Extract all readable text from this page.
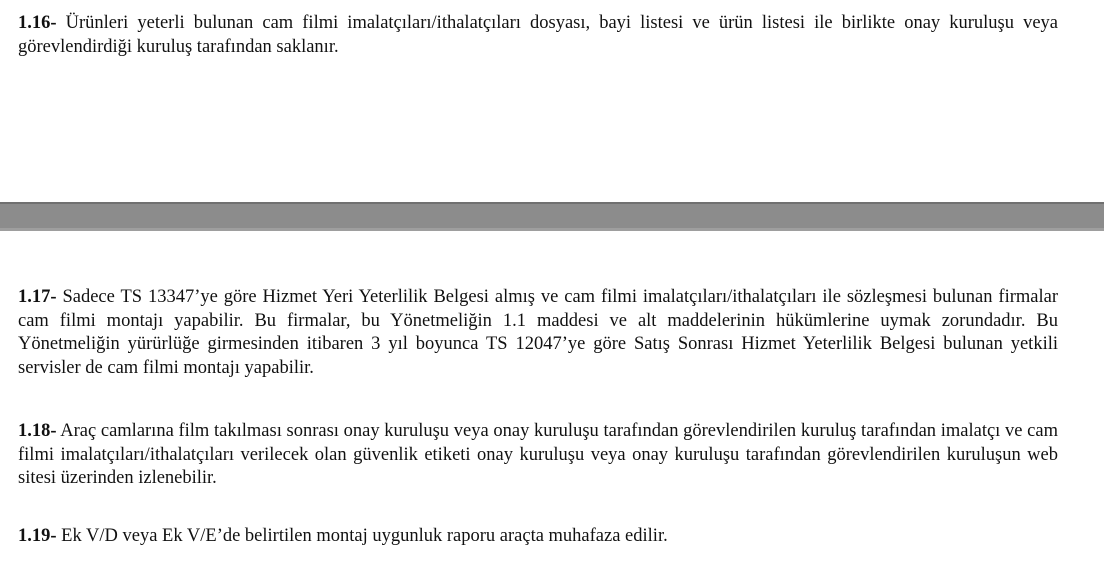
1.16- Ürünleri yeterli bulunan cam filmi imalatçıları/ithalatçıları dosyası, bayi listesi ve ürün listesi ile birlikte onay kuruluşu veya görevlendirdiği kuruluş tarafından saklanır.

1.17- Sadece TS 13347’ye göre Hizmet Yeri Yeterlilik Belgesi almış ve cam filmi imalatçıları/ithalatçıları ile sözleşmesi bulunan firmalar cam filmi montajı yapabilir. Bu firmalar, bu Yönetmeliğin 1.1 maddesi ve alt maddelerinin hükümlerine uymak zorundadır. Bu Yönetmeliğin yürürlüğe girmesinden itibaren 3 yıl boyunca TS 12047’ye göre Satış Sonrası Hizmet Yeterlilik Belgesi bulunan yetkili servisler de cam filmi montajı yapabilir.

1.18- Araç camlarına film takılması sonrası onay kuruluşu veya onay kuruluşu tarafından görevlendirilen kuruluş tarafından imalatçı ve cam filmi imalatçıları/ithalatçıları verilecek olan güvenlik etiketi onay kuruluşu veya onay kuruluşu tarafından görevlendirilen kuruluşun web sitesi üzerinden izlenebilir.

1.19- Ek V/D veya Ek V/E’de belirtilen montaj uygunluk raporu araçta muhafaza edilir.
